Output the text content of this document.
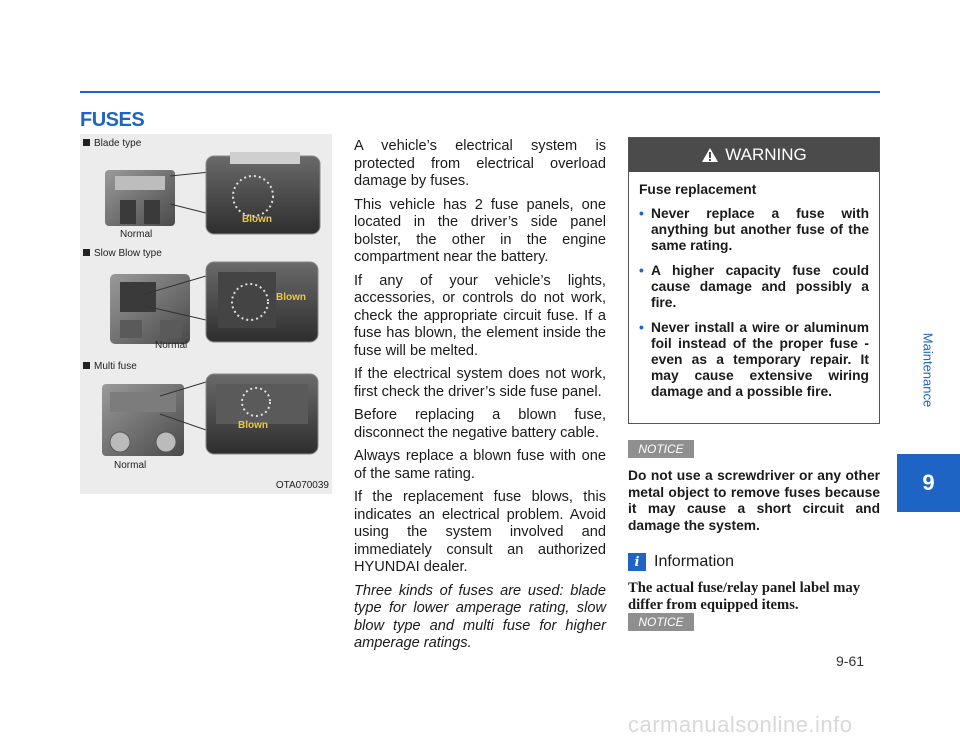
FUSES
Maintenance
9
Blade type
Slow Blow type
Multi fuse
Normal
Normal
Normal
Blown
Blown
Blown
OTA070039

A vehicle’s electrical system is protected from electrical overload damage by fuses.

This vehicle has 2 fuse panels, one located in the driver’s side panel bolster, the other in the engine compartment near the battery.

If any of your vehicle’s lights, accessories, or controls do not work, check the appropriate circuit fuse. If a fuse has blown, the element inside the fuse will be melted.

If the electrical system does not work, first check the driver’s side fuse panel.

Before replacing a blown fuse, disconnect the negative battery cable.

Always replace a blown fuse with one of the same rating.

If the replacement fuse blows, this indicates an electrical problem. Avoid using the system involved and immediately consult an authorized HYUNDAI dealer.

Three kinds of fuses are used: blade type for lower amperage rating, slow blow type and multi fuse for higher amperage ratings.

WARNING
Fuse replacement
• Never replace a fuse with anything but another fuse of the same rating.
• A higher capacity fuse could cause damage and possibly a fire.
• Never install a wire or aluminum foil instead of the proper fuse - even as a temporary repair. It may cause extensive wiring damage and a possible fire.
NOTICE
Do not use a screwdriver or any other metal object to remove fuses because it may cause a short circuit and damage the system.
i Information
The actual fuse/relay panel label may differ from equipped items.
NOTICE
9-61
carmanualsonline.info
